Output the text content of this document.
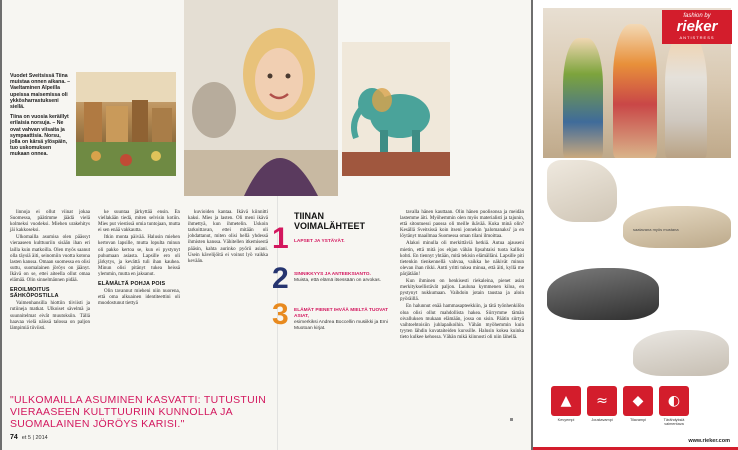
Vuodet Sveitsissä Tiina muistaa onnen aikana. – Vaeltaminen Alpeilla upeissa maisemissa oli ykkösharrastukseni siellä.

Tiina on vuosia keräillyt erilaisia norsuja. – Ne ovat vahvan viisaita ja sympaattisia. Norsu, jolla on kärsä ylöspäin, tuo uskomuksen mukaan onnea.

linnoja ei ollut viinat jokaa Suomessa, päätimme jäädä vielä kolmeksi vuodeksi. Miehen urakehitys jäi kakkoseksi.

Ulkomailla asumisa olen päässyt vieraaseen kulttuuriin sisään ihan eri lailla kuin matkoilla. Olen myös saanut olla täysiä äiti, seinomiin vuotta kotona lasten kanssa. Omaan suomessa en olisi suttu, suomalainen jöröys on jäänyt. Ikävä on se, ettei aiteella ollut omaa elämää. Olin sinnelmännen pidää.

EROILMOITUS SÄHKÖPOSTILLA

Vaimenhansilla hiottiin tiiviisti ja rutiineja matkat. Ulkoiset sävelmä ja suunnitelmat eivät muutoksiin. Tällä haavaa vielä näissä talossa on paljon lämpimiä tiiviisti.

ke suuntaa järkyttää ensin. En viellakään tiedä, miten selvisin kotiin. Mies put viestissä omia tuntojaan, mutta ei sen enää vakkautta.

Itkin monta päivää. Halusin miehen kertovan lapsille, mutta lopulta minun oli pakko kertoa se, kun ei pystynyt puhumaan asiasta. Lapsille ero oli järkytys, ja kevättä tuli ihan kauhea. Minun olisi pitänyt tukea heissä ylemmin, mutta en jaksanut.

ELÄMÄLTÄ POHJA POIS

Olin tavannut mieheni niin nuorena, että oma alkuainen identiteettini oli muodostunut tiettyä

kuvioiden kantaa. Ikävä kiinnitti kaksi. Mies ja lasten. Oli meni ikävä ihmettyä, kun ihmetelin. Uskoin tarkoittavan, ettei mitään oli johdattanut, miten olisi hellä yhdessä ihmisten kanssa. Vähitellen itkemisestä pääsin, kahta aurinko pyörii asiani. Usein kävelijöitä ei voinut lyö vaikka kevään.

"ULKOMAILLA ASUMINEN KASVATTI: TUTUSTUIN VIERAASEEN KULTTUURIIN KUNNOLLA JA SUOMALAINEN JÖRÖYS KARISI."
74 et 5 | 2014

tavalla hänen kauttaan. Olin hänen puolisonsa ja meidän lastemme äiti. Myöhemmin olen myös materialisti ja tajunin, että sitoutuessi paossa oli meille ikävää. Kuka minä olin? Kesällä Sveitsissä koin itseni jonnekin 'palomanaksi' ja en löytänyt maailmaa Suomessa oman tilani ilmoittaa.

Alakoi minulla oli merkittäviä hetkiä. Autua ajauseni mietin, että mitä jos ehjan vähän lipsahtaisi tuota kallioa kohti. En tiennyt yhtään, mitä tekisin elämälläni. Lapsille piti tietenkin tienkennellä vahvaa, vaikka he näkivät minun olevan ihan rikki. Antti yritti tukea minua, että äiti, kyllä me pärjätään!

Kun ihminen on henkisesti riekaleina, pienet asiat merkityksellistävät paljon. Lauluna kymmenen kiloa, en pystynyt nukkumaan. Vaihdoin jotain taustaa ja aloin pyöräillä.

En halunnut enää hammasapteekkiin, ja tätä työnhenkilön oloa olisi ollut mahdollista hakea. Siirrymme tämän oivalluksen mukaan elämään, jossa on sisin. Päätin siirtyä vaihtoehtoisiin juhlapaikoihin. Vähän myöhemmin kuin tyyten lähdin kuvataiteiden kurssille. Halusin kokea kuinka tieto kulkee kehossa. Vähän mikä kiinnosti oli niin lähellä.

TIINAN VOIMALÄHTEET
1
2
3
LAPSET JA YSTÄVÄT.
SINNIKKYYS JA ANTEEKSIANTO.
Muista, että elämä itsessään on arvokas.
ELÄMÄT PIENET IHVÄÄ MIELTÄ TUOVAT ASIAT,
esimerkiksi Andrea Boccellin musiikki ja Emi Muotoan kirjat.
fashion by
rieker
ANTISTRESS
saatavana myös mustana
▲	≈	◆	◐
Kevyempi	Joustavampi	Tilavampi	Tärähdyksiä vaimentava
www.rieker.com
